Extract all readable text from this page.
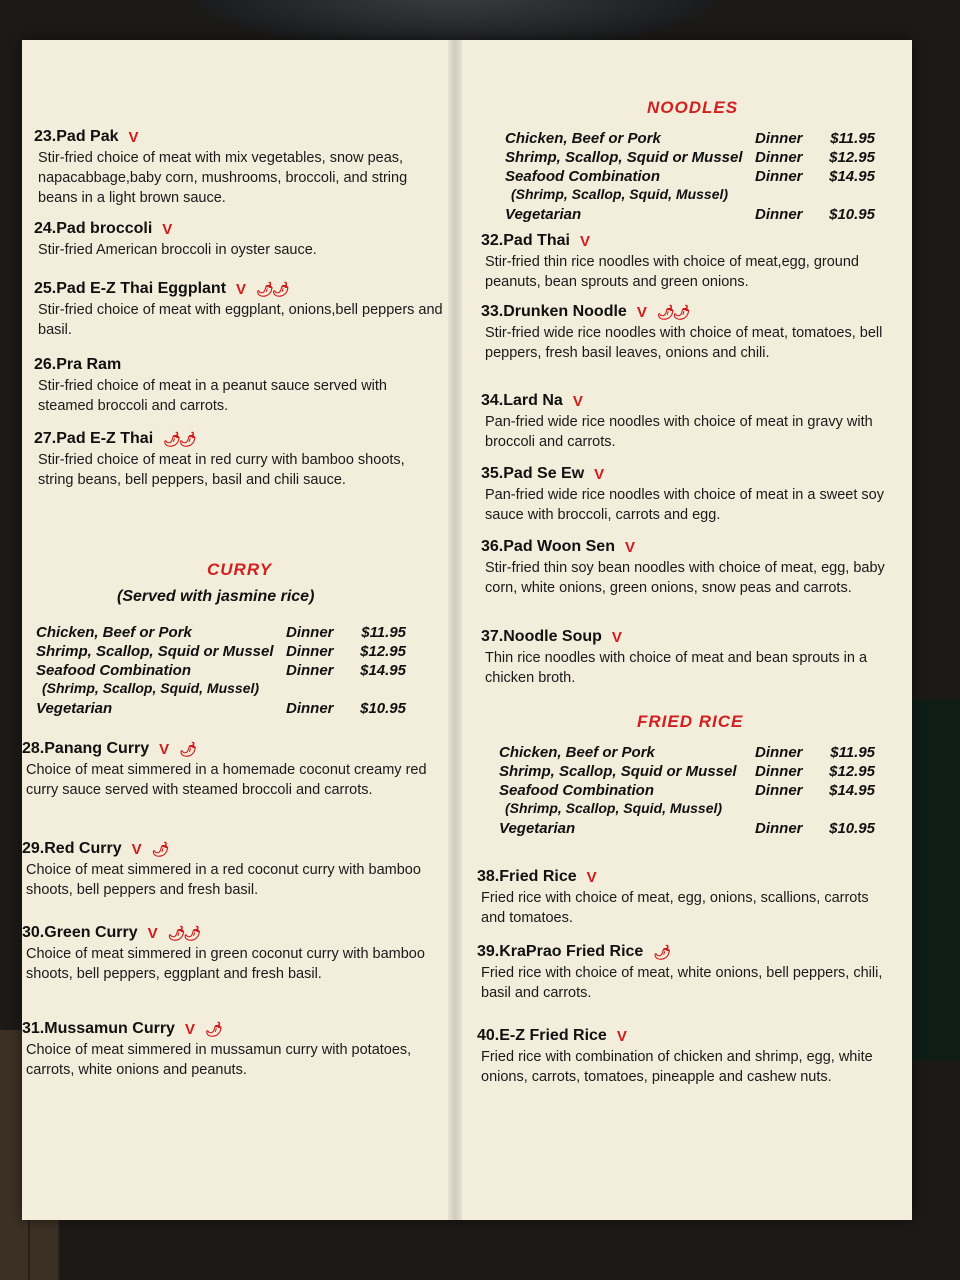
23.Pad Pak V
Stir-fried choice of meat with mix vegetables, snow peas, napacabbage,baby corn, mushrooms, broccoli, and string beans in a light brown sauce.
24.Pad broccoli V
Stir-fried American broccoli in oyster sauce.
25.Pad E-Z Thai Eggplant V 🌶🌶
Stir-fried choice of meat with eggplant, onions,bell peppers and basil.
26.Pra Ram
Stir-fried choice of meat in a peanut sauce served with steamed broccoli and carrots.
27.Pad E-Z Thai 🌶🌶
Stir-fried choice of meat in red curry with bamboo shoots, string beans, bell peppers, basil and chili sauce.
CURRY
(Served with jasmine rice)
Chicken, Beef or Pork	Dinner	$11.95
Shrimp, Scallop, Squid or Mussel Dinner	$12.95
Seafood Combination	Dinner	$14.95
(Shrimp, Scallop, Squid, Mussel)
Vegetarian	Dinner	$10.95
28.Panang Curry V 🌶
Choice of meat simmered in a homemade coconut creamy red curry sauce served with steamed broccoli and carrots.
29.Red Curry V 🌶
Choice of meat simmered in a red coconut curry with bamboo shoots, bell peppers and fresh basil.
30.Green Curry V 🌶🌶
Choice of meat simmered in green coconut curry with bamboo shoots, bell peppers, eggplant and fresh basil.
31.Mussamun Curry V 🌶
Choice of meat simmered in mussamun curry with potatoes, carrots, white onions and peanuts.
NOODLES
Chicken, Beef or Pork	Dinner	$11.95
Shrimp, Scallop, Squid or Mussel Dinner	$12.95
Seafood Combination	Dinner	$14.95
(Shrimp, Scallop, Squid, Mussel)
Vegetarian	Dinner	$10.95
32.Pad Thai V
Stir-fried thin rice noodles with choice of meat,egg, ground peanuts, bean sprouts and green onions.
33.Drunken Noodle V 🌶🌶
Stir-fried wide rice noodles with choice of meat, tomatoes, bell peppers, fresh basil leaves, onions and chili.
34.Lard Na V
Pan-fried wide rice noodles with choice of meat in gravy with broccoli and carrots.
35.Pad Se Ew V
Pan-fried wide rice noodles with choice of meat in a sweet soy sauce with broccoli, carrots and egg.
36.Pad Woon Sen V
Stir-fried thin soy bean noodles with choice of meat, egg, baby corn, white onions, green onions, snow peas and carrots.
37.Noodle Soup V
Thin rice noodles with choice of meat and bean sprouts in a chicken broth.
FRIED RICE
Chicken, Beef or Pork	Dinner	$11.95
Shrimp, Scallop, Squid or Mussel	Dinner	$12.95
Seafood Combination	Dinner	$14.95
(Shrimp, Scallop, Squid, Mussel)
Vegetarian	Dinner	$10.95
38.Fried Rice V
Fried rice with choice of meat, egg, onions, scallions, carrots and tomatoes.
39.KraPrao Fried Rice 🌶
Fried rice with choice of meat, white onions, bell peppers, chili, basil and carrots.
40.E-Z Fried Rice V
Fried rice with combination of chicken and shrimp, egg, white onions, carrots, tomatoes, pineapple and cashew nuts.
